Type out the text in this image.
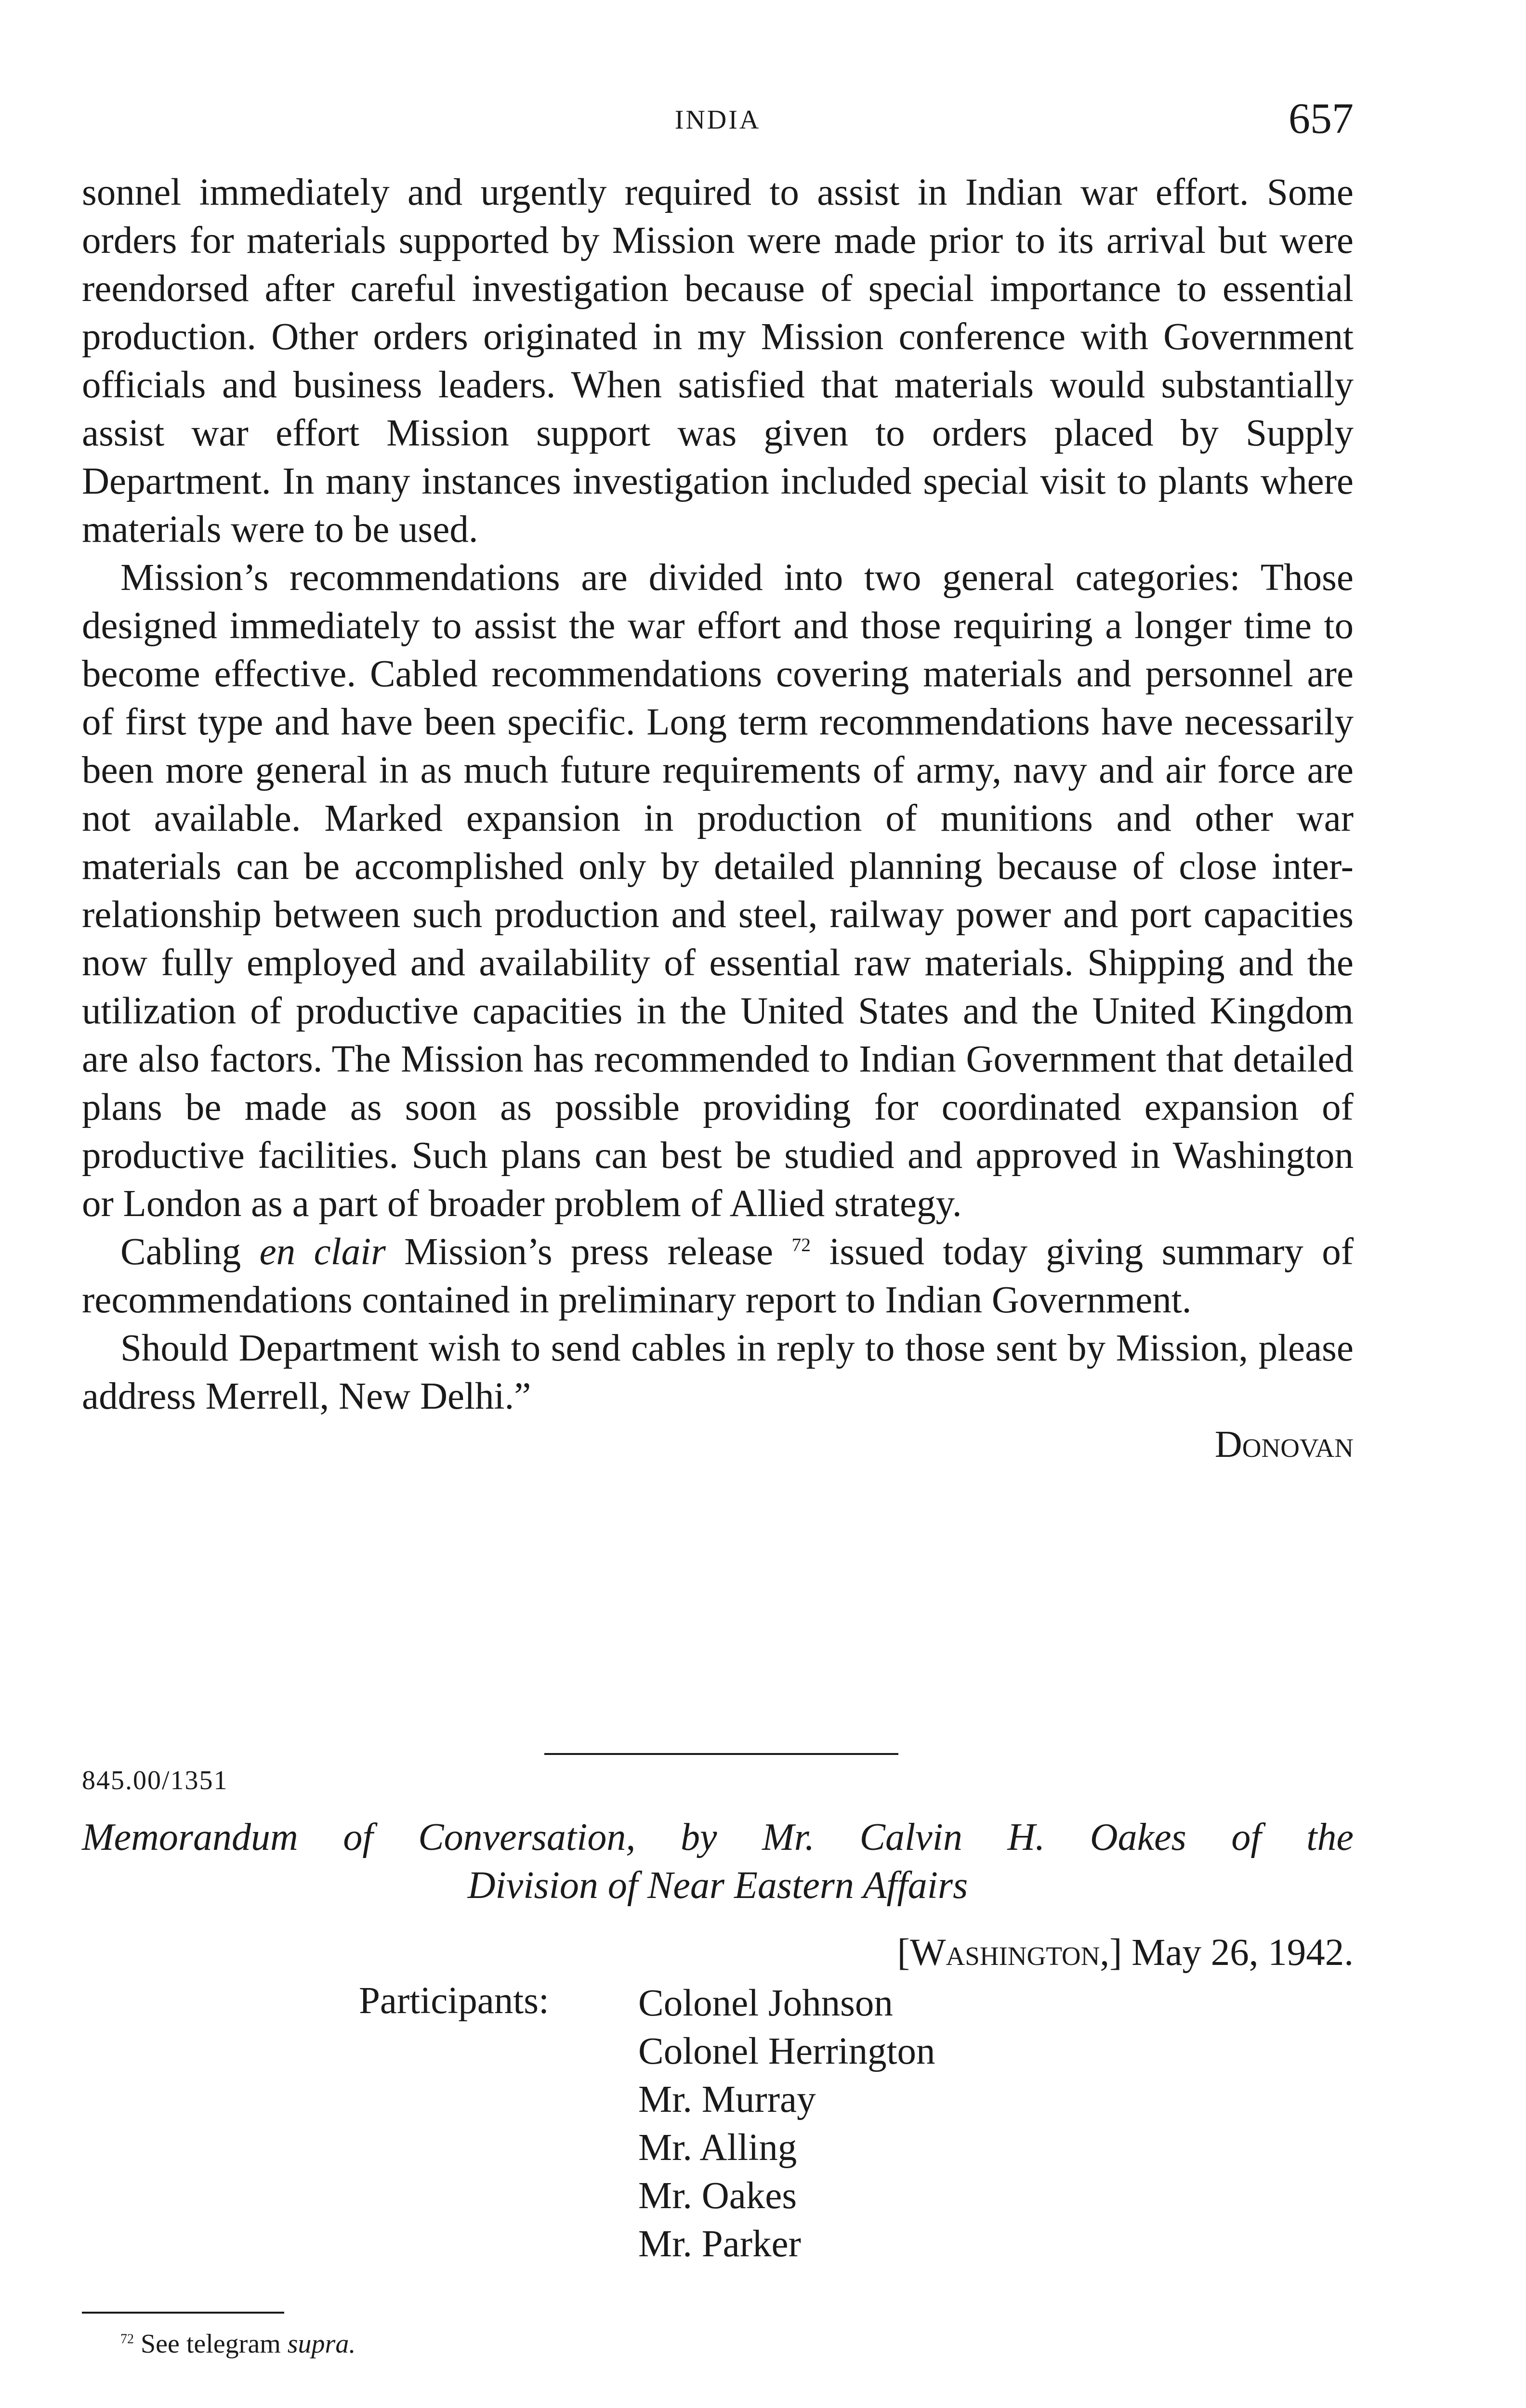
INDIA	657

sonnel immediately and urgently required to assist in Indian war effort. Some orders for materials supported by Mission were made prior to its arrival but were reendorsed after careful investigation because of special importance to essential production. Other orders originated in my Mission conference with Government officials and business leaders. When satisfied that materials would substantially assist war effort Mission support was given to orders placed by Supply Department. In many instances investigation included special visit to plants where materials were to be used.

Mission’s recommendations are divided into two general categories: Those designed immediately to assist the war effort and those requiring a longer time to become effective. Cabled recommendations covering materials and personnel are of first type and have been specific. Long term recommendations have necessarily been more general in as much future requirements of army, navy and air force are not available. Marked expansion in production of munitions and other war materials can be accomplished only by detailed planning because of close inter-relationship between such production and steel, railway power and port capacities now fully employed and availability of essential raw materials. Shipping and the utilization of productive capacities in the United States and the United Kingdom are also factors. The Mission has recommended to Indian Government that detailed plans be made as soon as possible providing for coordinated expansion of productive facilities. Such plans can best be studied and approved in Washington or London as a part of broader problem of Allied strategy.

Cabling en clair Mission’s press release $^{72}$ issued today giving summary of recommendations contained in preliminary report to Indian Government.

Should Department wish to send cables in reply to those sent by Mission, please address Merrell, New Delhi.”

Donovan
845.00/1351
Memorandum of Conversation, by Mr. Calvin H. Oakes of the
Division of Near Eastern Affairs
[Washington,] May 26, 1942.
Participants: Colonel Johnson
Colonel Herrington
Mr. Murray
Mr. Alling
Mr. Oakes
Mr. Parker
$^{72}$ See telegram supra.
